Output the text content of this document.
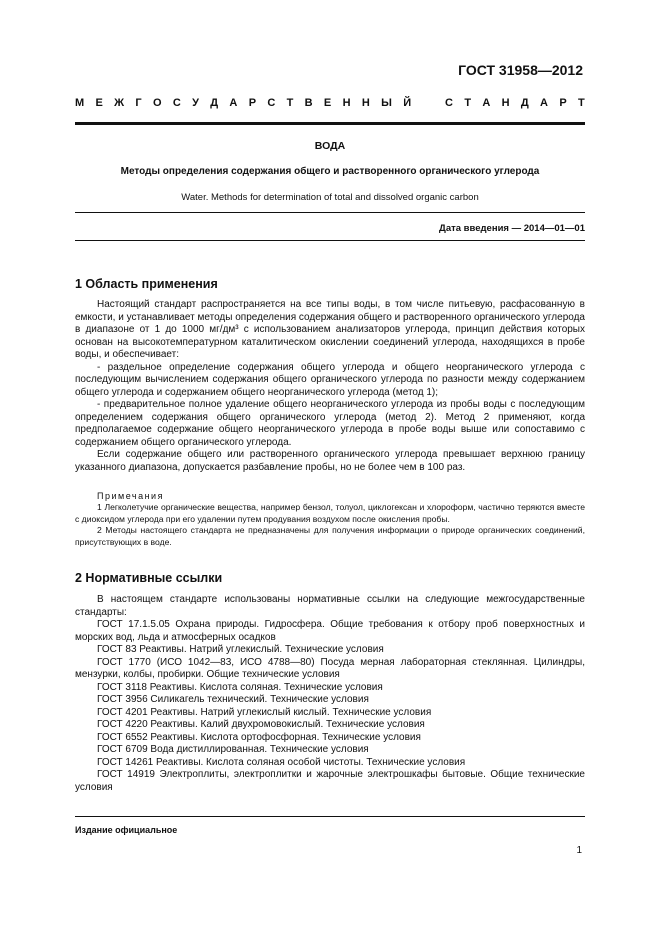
ГОСТ 31958—2012
М Е Ж Г О С У Д А Р С Т В Е Н Н Ы Й	С Т А Н Д А Р Т
ВОДА
Методы определения содержания общего и растворенного органического углерода
Water. Methods for determination of total and dissolved organic carbon
Дата введения — 2014—01—01
1 Область применения

Настоящий стандарт распространяется на все типы воды, в том числе питьевую, расфасованную в емкости, и устанавливает методы определения содержания общего и растворенного органического углерода в диапазоне от 1 до 1000 мг/дм³ с использованием анализаторов углерода, принцип действия которых основан на высокотемпературном каталитическом окислении соединений углерода, находящихся в пробе воды, и обеспечивает:

- раздельное определение содержания общего углерода и общего неорганического углерода с последующим вычислением содержания общего органического углерода по разности между содержанием общего углерода и содержанием общего неорганического углерода (метод 1);

- предварительное полное удаление общего неорганического углерода из пробы воды с последующим определением содержания общего органического углерода (метод 2). Метод 2 применяют, когда предполагаемое содержание общего неорганического углерода в пробе воды выше или сопоставимо с содержанием общего органического углерода.

Если содержание общего или растворенного органического углерода превышает верхнюю границу указанного диапазона, допускается разбавление пробы, но не более чем в 100 раз.

Примечания

1 Легколетучие органические вещества, например бензол, толуол, циклогексан и хлороформ, частично теряются вместе с диоксидом углерода при его удалении путем продувания воздухом после окисления пробы.

2 Методы настоящего стандарта не предназначены для получения информации о природе органических соединений, присутствующих в воде.

2 Нормативные ссылки

В настоящем стандарте использованы нормативные ссылки на следующие межгосударственные стандарты:

ГОСТ 17.1.5.05 Охрана природы. Гидросфера. Общие требования к отбору проб поверхностных и морских вод, льда и атмосферных осадков

ГОСТ 83 Реактивы. Натрий углекислый. Технические условия

ГОСТ 1770 (ИСО 1042—83, ИСО 4788—80) Посуда мерная лабораторная стеклянная. Цилиндры, мензурки, колбы, пробирки. Общие технические условия

ГОСТ 3118 Реактивы. Кислота соляная. Технические условия

ГОСТ 3956 Силикагель технический. Технические условия

ГОСТ 4201 Реактивы. Натрий углекислый кислый. Технические условия

ГОСТ 4220 Реактивы. Калий двухромовокислый. Технические условия

ГОСТ 6552 Реактивы. Кислота ортофосфорная. Технические условия

ГОСТ 6709 Вода дистиллированная. Технические условия

ГОСТ 14261 Реактивы. Кислота соляная особой чистоты. Технические условия

ГОСТ 14919 Электроплиты, электроплитки и жарочные электрошкафы бытовые. Общие технические условия

Издание официальное
1
